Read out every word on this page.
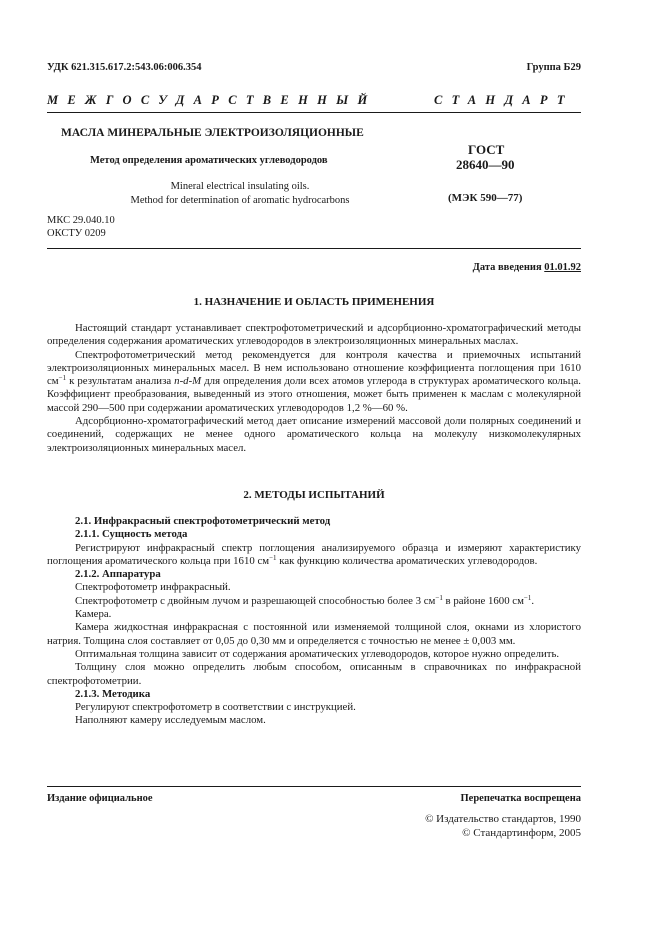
УДК 621.315.617.2:543.06:006.354	Группа Б29
МЕЖГОСУДАРСТВЕННЫЙ	СТАНДАРТ
МАСЛА МИНЕРАЛЬНЫЕ ЭЛЕКТРОИЗОЛЯЦИОННЫЕ
Метод определения ароматических углеводородов
Mineral electrical insulating oils.
Method for determination of aromatic hydrocarbons
ГОСТ
28640—90
(МЭК 590—77)
МКС 29.040.10
ОКСТУ 0209
Дата введения 01.01.92
1. НАЗНАЧЕНИЕ И ОБЛАСТЬ ПРИМЕНЕНИЯ

Настоящий стандарт устанавливает спектрофотометрический и адсорбционно-хроматографический методы определения содержания ароматических углеводородов в электроизоляционных минеральных маслах.

Спектрофотометрический метод рекомендуется для контроля качества и приемочных испытаний электроизоляционных минеральных масел. В нем использовано отношение коэффициента поглощения при 1610 $см^{-1}$ к результатам анализа n-d-M для определения доли всех атомов углерода в структурах ароматического кольца. Коэффициент преобразования, выведенный из этого отношения, может быть применен к маслам с молекулярной массой 290—500 при содержании ароматических углеводородов 1,2 %—60 %.

Адсорбционно-хроматографический метод дает описание измерений массовой доли полярных соединений и соединений, содержащих не менее одного ароматического кольца на молекулу низкомолекулярных электроизоляционных минеральных масел.

2. МЕТОДЫ ИСПЫТАНИЙ
2.1. Инфракрасный спектрофотометрический метод
2.1.1. Сущность метода

Регистрируют инфракрасный спектр поглощения анализируемого образца и измеряют характеристику поглощения ароматического кольца при 1610 $см^{-1}$ как функцию количества ароматических углеводородов.

2.1.2. Аппаратура

Спектрофотометр инфракрасный.

Спектрофотометр с двойным лучом и разрешающей способностью более 3 $см^{-1}$ в районе 1600 $см^{-1}$.

Камера.

Камера жидкостная инфракрасная с постоянной или изменяемой толщиной слоя, окнами из хлористого натрия. Толщина слоя составляет от 0,05 до 0,30 мм и определяется с точностью не менее ± 0,003 мм.

Оптимальная толщина зависит от содержания ароматических углеводородов, которое нужно определить.

Толщину слоя можно определить любым способом, описанным в справочниках по инфракрасной спектрофотометрии.

2.1.3. Методика

Регулируют спектрофотометр в соответствии с инструкцией.

Наполняют камеру исследуемым маслом.

Издание официальное	Перепечатка воспрещена
© Издательство стандартов, 1990
© Стандартинформ, 2005
